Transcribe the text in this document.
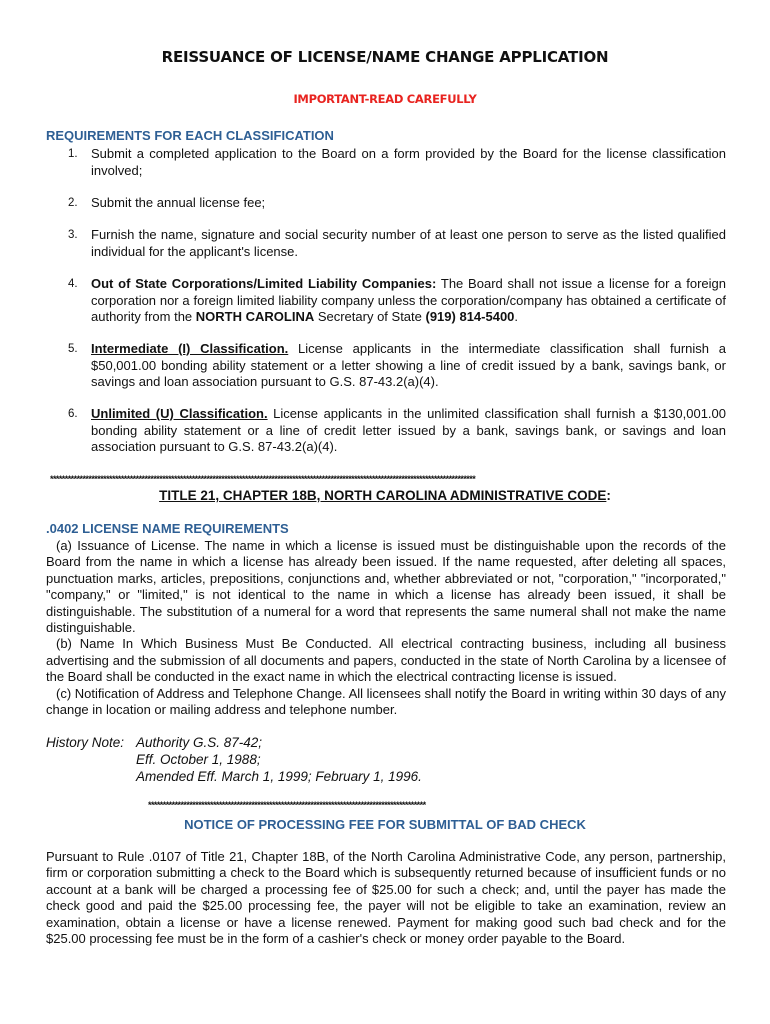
REISSUANCE OF LICENSE/NAME CHANGE APPLICATION
IMPORTANT-READ CAREFULLY
REQUIREMENTS FOR EACH CLASSIFICATION
1. Submit a completed application to the Board on a form provided by the Board for the license classification involved;
2. Submit the annual license fee;
3. Furnish the name, signature and social security number of at least one person to serve as the listed qualified individual for the applicant's license.
4. Out of State Corporations/Limited Liability Companies: The Board shall not issue a license for a foreign corporation nor a foreign limited liability company unless the corporation/company has obtained a certificate of authority from the NORTH CAROLINA Secretary of State (919) 814-5400.
5. Intermediate (I) Classification. License applicants in the intermediate classification shall furnish a $50,001.00 bonding ability statement or a letter showing a line of credit issued by a bank, savings bank, or savings and loan association pursuant to G.S. 87-43.2(a)(4).
6. Unlimited (U) Classification. License applicants in the unlimited classification shall furnish a $130,001.00 bonding ability statement or a line of credit letter issued by a bank, savings bank, or savings and loan association pursuant to G.S. 87-43.2(a)(4).
************************************************************************************************************************************************
TITLE 21, CHAPTER 18B, NORTH CAROLINA ADMINISTRATIVE CODE:
.0402 LICENSE NAME REQUIREMENTS

(a) Issuance of License. The name in which a license is issued must be distinguishable upon the records of the Board from the name in which a license has already been issued. If the name requested, after deleting all spaces, punctuation marks, articles, prepositions, conjunctions and, whether abbreviated or not, "corporation," "incorporated," "company," or "limited," is not identical to the name in which a license has already been issued, it shall be distinguishable. The substitution of a numeral for a word that represents the same numeral shall not make the name distinguishable.

(b) Name In Which Business Must Be Conducted. All electrical contracting business, including all business advertising and the submission of all documents and papers, conducted in the state of North Carolina by a licensee of the Board shall be conducted in the exact name in which the electrical contracting license is issued.

(c) Notification of Address and Telephone Change. All licensees shall notify the Board in writing within 30 days of any change in location or mailing address and telephone number.

History Note: Authority G.S. 87-42;
Eff. October 1, 1988;
Amended Eff. March 1, 1999; February 1, 1996.
**********************************************************************************************
NOTICE OF PROCESSING FEE FOR SUBMITTAL OF BAD CHECK

Pursuant to Rule .0107 of Title 21, Chapter 18B, of the North Carolina Administrative Code, any person, partnership, firm or corporation submitting a check to the Board which is subsequently returned because of insufficient funds or no account at a bank will be charged a processing fee of $25.00 for such a check; and, until the payer has made the check good and paid the $25.00 processing fee, the payer will not be eligible to take an examination, review an examination, obtain a license or have a license renewed. Payment for making good such bad check and for the $25.00 processing fee must be in the form of a cashier's check or money order payable to the Board.
